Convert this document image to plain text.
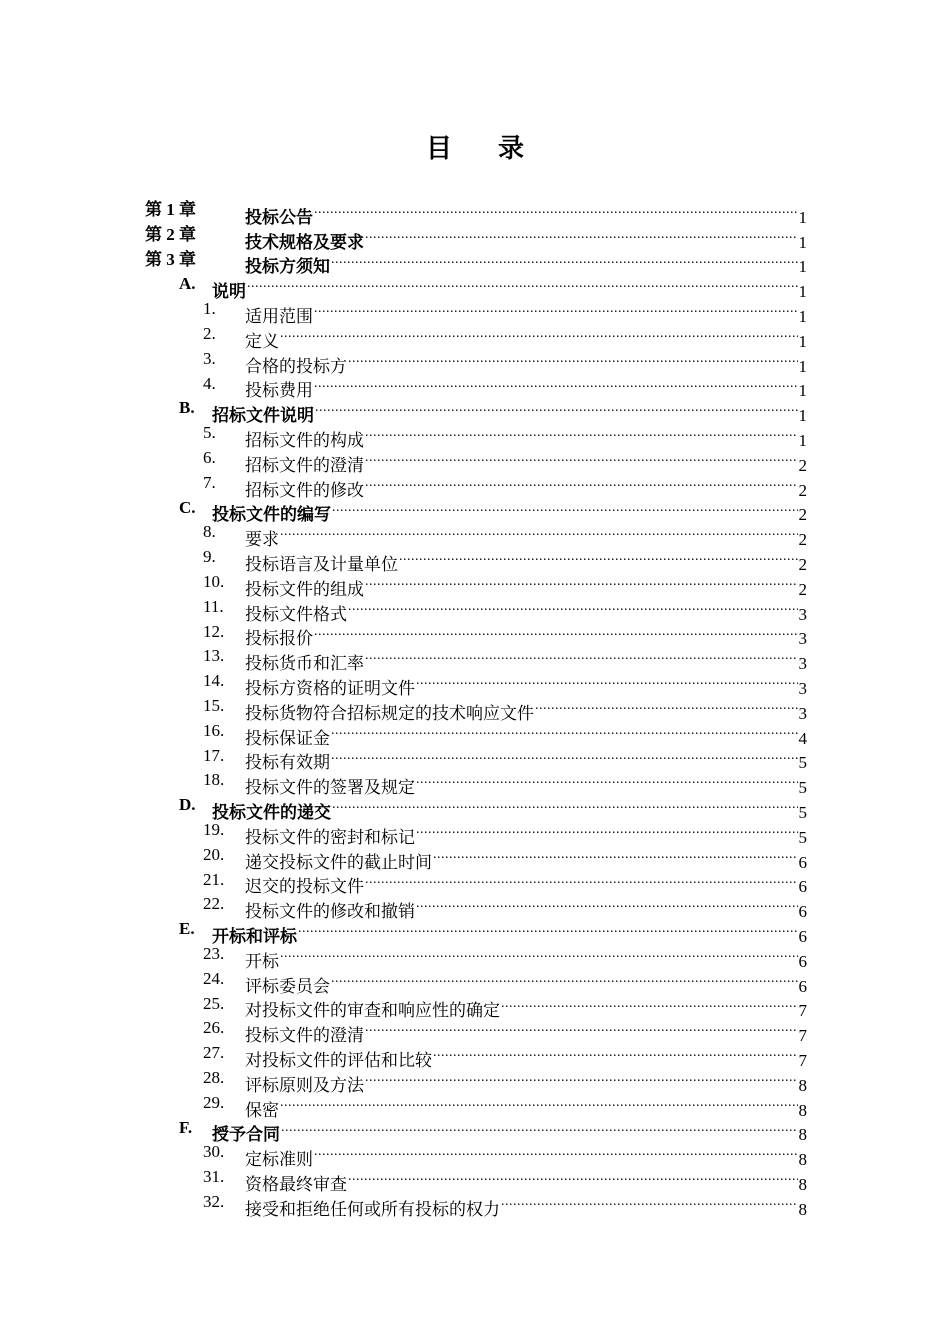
目 录
第 1 章	投标公告 .....	1
第 2 章	技术规格及要求 .....	1
第 3 章	投标方须知 .....	1
A. 说明 .....	1
1. 适用范围 .....	1
2. 定义 .....	1
3. 合格的投标方 .....	1
4. 投标费用 .....	1
B. 招标文件说明 .....	1
5. 招标文件的构成 .....	1
6. 招标文件的澄清 .....	2
7. 招标文件的修改 .....	2
C. 投标文件的编写 .....	2
8. 要求 .....	2
9. 投标语言及计量单位 .....	2
10. 投标文件的组成 .....	2
11. 投标文件格式 .....	3
12. 投标报价 .....	3
13. 投标货币和汇率 .....	3
14. 投标方资格的证明文件 .....	3
15. 投标货物符合招标规定的技术响应文件 .....	3
16. 投标保证金 .....	4
17. 投标有效期 .....	5
18. 投标文件的签署及规定 .....	5
D. 投标文件的递交 .....	5
19. 投标文件的密封和标记 .....	5
20. 递交投标文件的截止时间 .....	6
21. 迟交的投标文件 .....	6
22. 投标文件的修改和撤销 .....	6
E. 开标和评标 .....	6
23. 开标 .....	6
24. 评标委员会 .....	6
25. 对投标文件的审查和响应性的确定 .....	7
26. 投标文件的澄清 .....	7
27. 对投标文件的评估和比较 .....	7
28. 评标原则及方法 .....	8
29. 保密 .....	8
F. 授予合同 .....	8
30. 定标准则 .....	8
31. 资格最终审查 .....	8
32. 接受和拒绝任何或所有投标的权力 .....	8
